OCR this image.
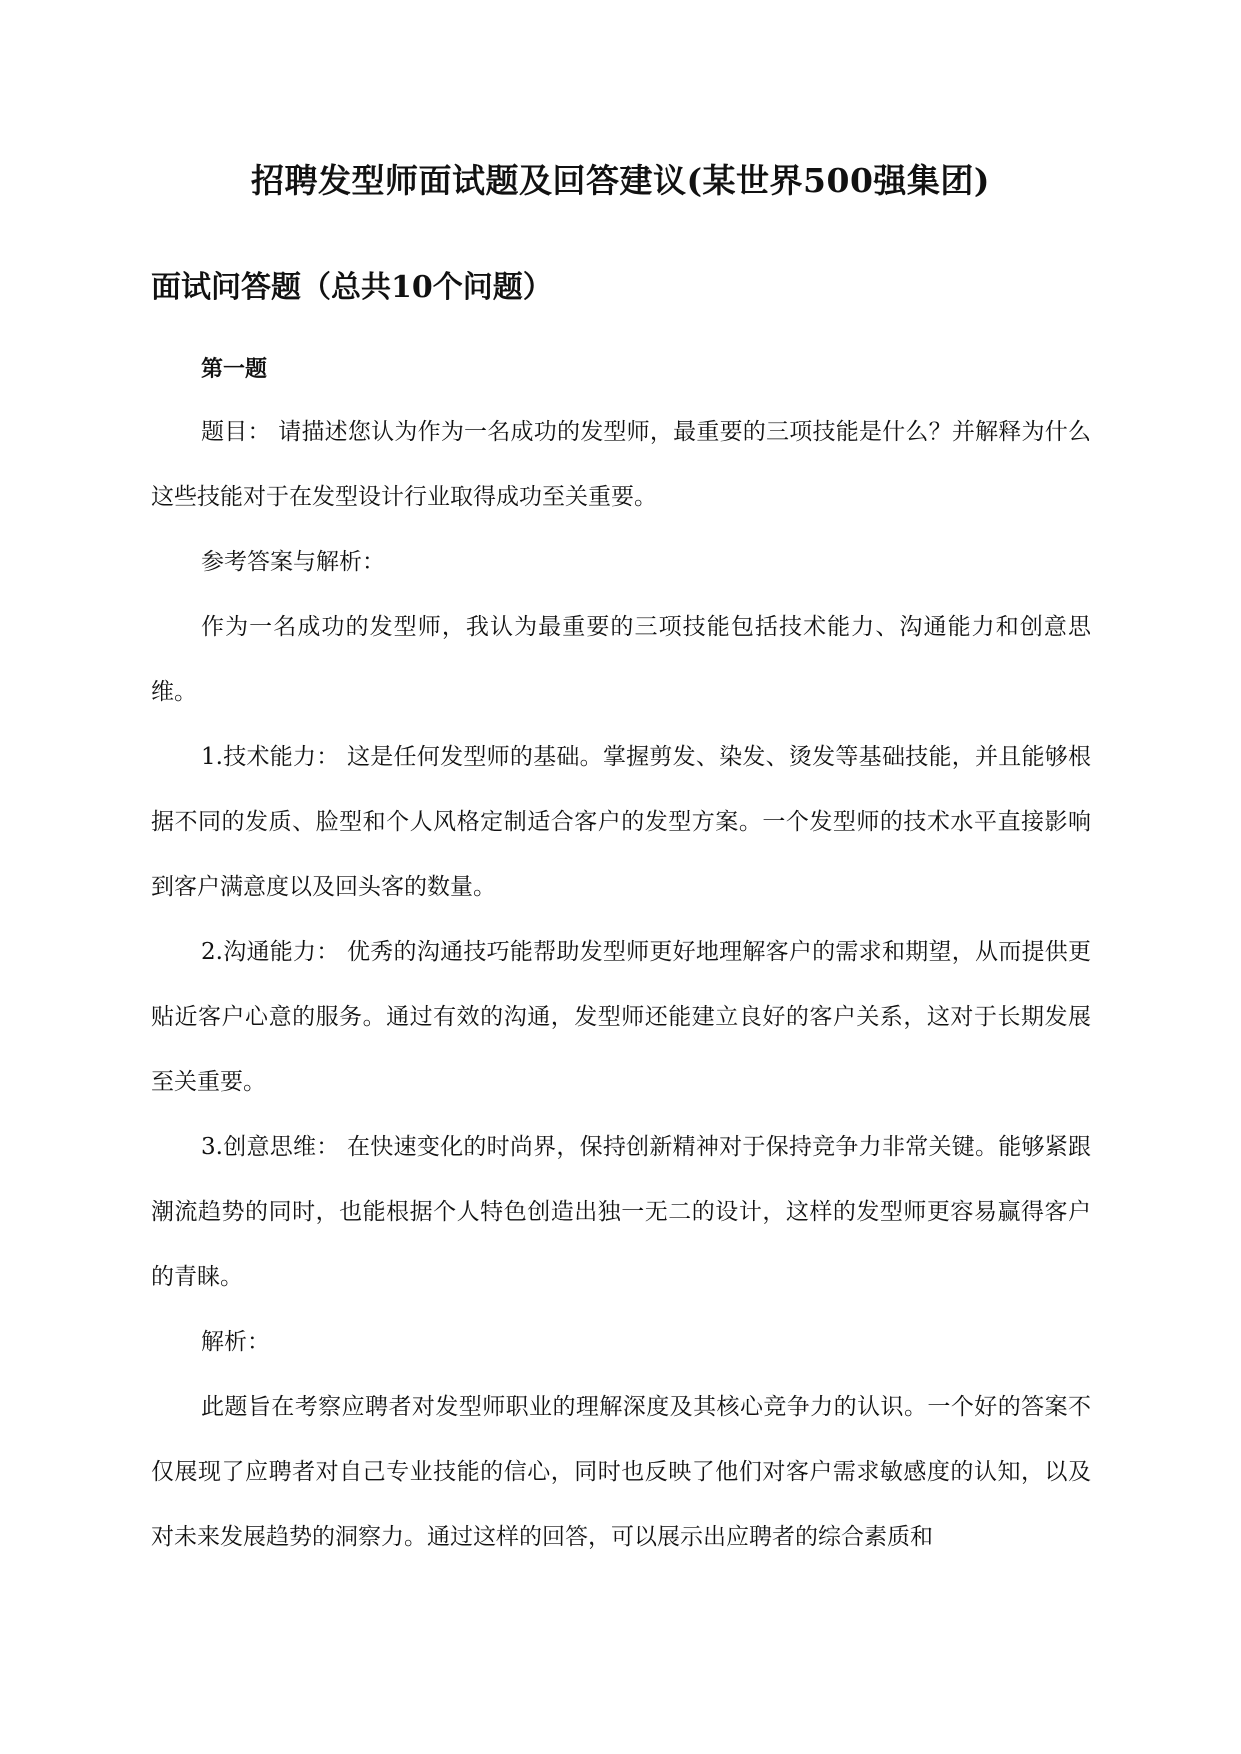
招聘发型师面试题及回答建议(某世界500强集团)
面试问答题（总共10个问题）
第一题

题目： 请描述您认为作为一名成功的发型师，最重要的三项技能是什么？并解释为什么这些技能对于在发型设计行业取得成功至关重要。

参考答案与解析：

作为一名成功的发型师，我认为最重要的三项技能包括技术能力、沟通能力和创意思维。

1.技术能力： 这是任何发型师的基础。掌握剪发、染发、烫发等基础技能，并且能够根据不同的发质、脸型和个人风格定制适合客户的发型方案。一个发型师的技术水平直接影响到客户满意度以及回头客的数量。

2.沟通能力： 优秀的沟通技巧能帮助发型师更好地理解客户的需求和期望，从而提供更贴近客户心意的服务。通过有效的沟通，发型师还能建立良好的客户关系，这对于长期发展至关重要。

3.创意思维： 在快速变化的时尚界，保持创新精神对于保持竞争力非常关键。能够紧跟潮流趋势的同时，也能根据个人特色创造出独一无二的设计，这样的发型师更容易赢得客户的青睐。

解析：

此题旨在考察应聘者对发型师职业的理解深度及其核心竞争力的认识。一个好的答案不仅展现了应聘者对自己专业技能的信心，同时也反映了他们对客户需求敏感度的认知，以及对未来发展趋势的洞察力。通过这样的回答，可以展示出应聘者的综合素质和
